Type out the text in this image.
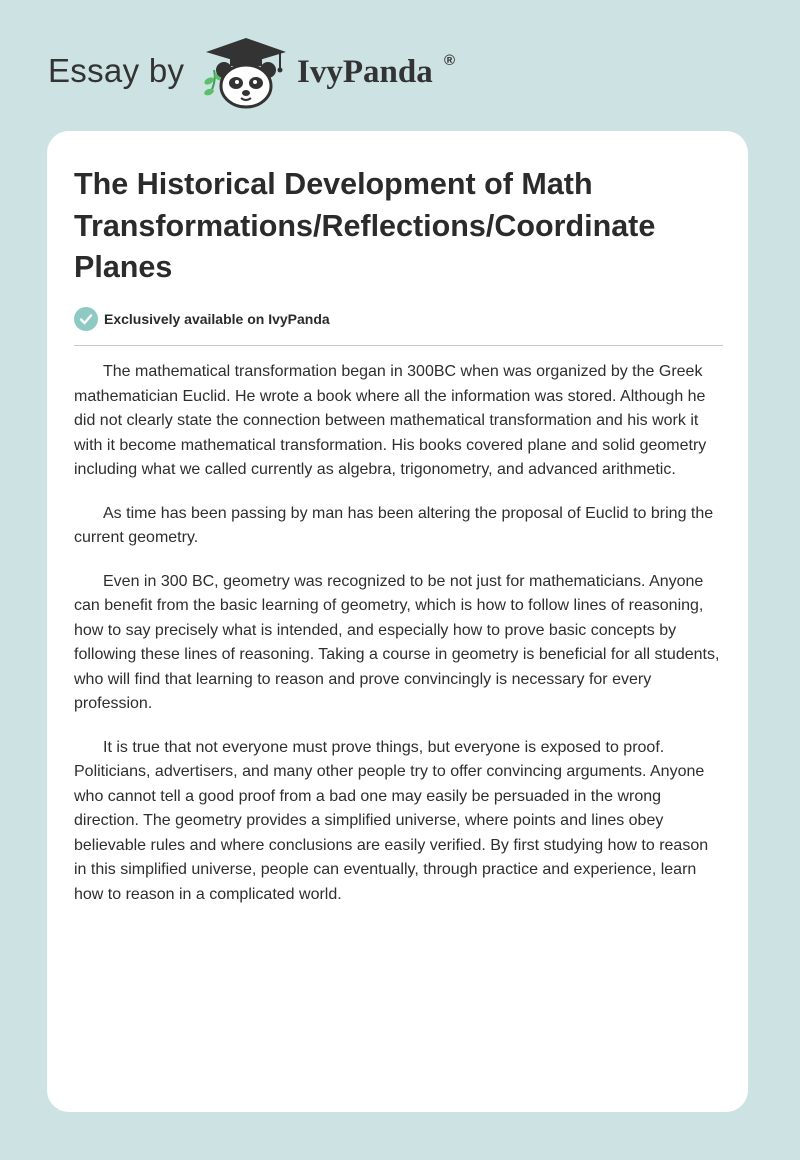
Essay by	IvyPanda ®
The Historical Development of Math Transformations/Reflections/Coordinate Planes
Exclusively available on IvyPanda

The mathematical transformation began in 300BC when was organized by the Greek mathematician Euclid. He wrote a book where all the information was stored. Although he did not clearly state the connection between mathematical transformation and his work it with it become mathematical transformation. His books covered plane and solid geometry including what we called currently as algebra, trigonometry, and advanced arithmetic.

As time has been passing by man has been altering the proposal of Euclid to bring the current geometry.

Even in 300 BC, geometry was recognized to be not just for mathematicians. Anyone can benefit from the basic learning of geometry, which is how to follow lines of reasoning, how to say precisely what is intended, and especially how to prove basic concepts by following these lines of reasoning. Taking a course in geometry is beneficial for all students, who will find that learning to reason and prove convincingly is necessary for every profession.

It is true that not everyone must prove things, but everyone is exposed to proof. Politicians, advertisers, and many other people try to offer convincing arguments. Anyone who cannot tell a good proof from a bad one may easily be persuaded in the wrong direction. The geometry provides a simplified universe, where points and lines obey believable rules and where conclusions are easily verified. By first studying how to reason in this simplified universe, people can eventually, through practice and experience, learn how to reason in a complicated world.
